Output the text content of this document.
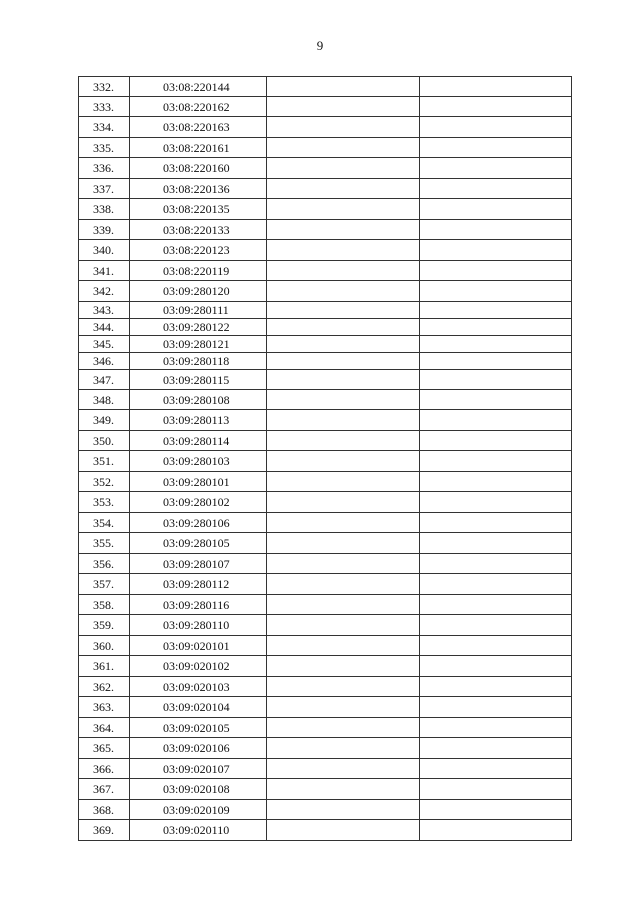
9
332.	03:08:220144		
333.	03:08:220162		
334.	03:08:220163		
335.	03:08:220161		
336.	03:08:220160		
337.	03:08:220136		
338.	03:08:220135		
339.	03:08:220133		
340.	03:08:220123		
341.	03:08:220119		
342.	03:09:280120		
343.	03:09:280111		
344.	03:09:280122		
345.	03:09:280121		
346.	03:09:280118		
347.	03:09:280115		
348.	03:09:280108		
349.	03:09:280113		
350.	03:09:280114		
351.	03:09:280103		
352.	03:09:280101		
353.	03:09:280102		
354.	03:09:280106		
355.	03:09:280105		
356.	03:09:280107		
357.	03:09:280112		
358.	03:09:280116		
359.	03:09:280110		
360.	03:09:020101		
361.	03:09:020102		
362.	03:09:020103		
363.	03:09:020104		
364.	03:09:020105		
365.	03:09:020106		
366.	03:09:020107		
367.	03:09:020108		
368.	03:09:020109		
369.	03:09:020110		
